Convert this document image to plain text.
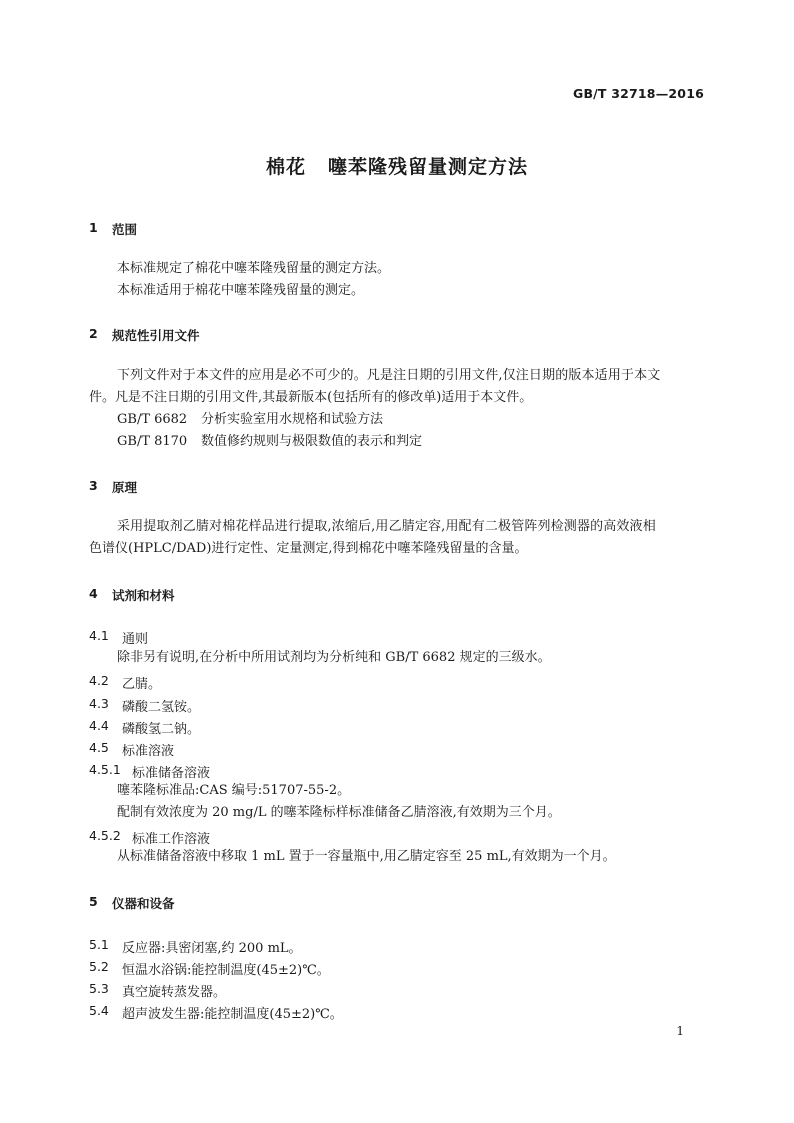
GB/T 32718—2016
棉花 噻苯隆残留量测定方法
1 范围
本标准规定了棉花中噻苯隆残留量的测定方法。
本标准适用于棉花中噻苯隆残留量的测定。
2 规范性引用文件
下列文件对于本文件的应用是必不可少的。凡是注日期的引用文件,仅注日期的版本适用于本文
件。凡是不注日期的引用文件,其最新版本(包括所有的修改单)适用于本文件。
GB/T 6682 分析实验室用水规格和试验方法
GB/T 8170 数值修约规则与极限数值的表示和判定
3 原理
采用提取剂乙腈对棉花样品进行提取,浓缩后,用乙腈定容,用配有二极管阵列检测器的高效液相
色谱仪(HPLC/DAD)进行定性、定量测定,得到棉花中噻苯隆残留量的含量。
4 试剂和材料
4.1 通则
除非另有说明,在分析中所用试剂均为分析纯和 GB/T 6682 规定的三级水。
4.2 乙腈。
4.3 磷酸二氢铵。
4.4 磷酸氢二钠。
4.5 标准溶液
4.5.1 标准储备溶液
噻苯隆标准品:CAS 编号:51707-55-2。
配制有效浓度为 20 mg/L 的噻苯隆标样标准储备乙腈溶液,有效期为三个月。
4.5.2 标准工作溶液
从标准储备溶液中移取 1 mL 置于一容量瓶中,用乙腈定容至 25 mL,有效期为一个月。
5 仪器和设备
5.1 反应器:具密闭塞,约 200 mL。
5.2 恒温水浴锅:能控制温度(45±2)℃。
5.3 真空旋转蒸发器。
5.4 超声波发生器:能控制温度(45±2)℃。
1
